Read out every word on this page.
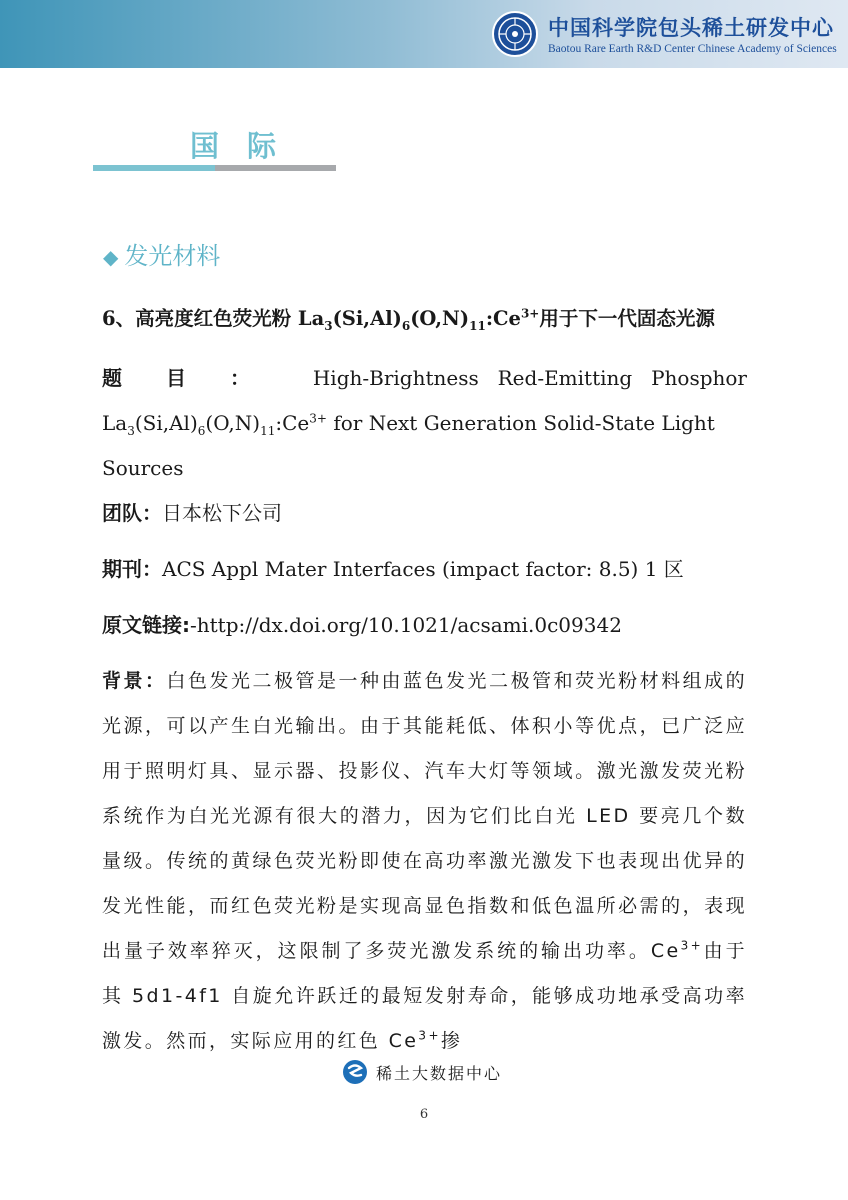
中国科学院包头稀土研发中心
Baotou Rare Earth R&D Center Chinese Academy of Sciences
国际
◆ 发光材料

6、高亮度红色荧光粉 $La_3(Si,Al)_6(O,N)_{11}:Ce^{3+}$用于下一代固态光源

题目： High-Brightness Red-Emitting Phosphor
$La_3(Si,Al)_6(O,N)_{11}:Ce^{3+}$ for Next Generation Solid-State Light Sources

团队：日本松下公司

期刊：ACS Appl Mater Interfaces (impact factor: 8.5) 1 区

原文链接:-http://dx.doi.org/10.1021/acsami.0c09342

背景：白色发光二极管是一种由蓝色发光二极管和荧光粉材料组成的光源，可以产生白光输出。由于其能耗低、体积小等优点，已广泛应用于照明灯具、显示器、投影仪、汽车大灯等领域。激光激发荧光粉系统作为白光光源有很大的潜力，因为它们比白光 LED 要亮几个数量级。传统的黄绿色荧光粉即使在高功率激光激发下也表现出优异的发光性能，而红色荧光粉是实现高显色指数和低色温所必需的，表现出量子效率猝灭，这限制了多荧光激发系统的输出功率。$Ce^{3+}$由于其 5d1-4f1 自旋允许跃迁的最短发射寿命，能够成功地承受高功率激发。然而，实际应用的红色 $Ce^{3+}$掺

稀土大数据中心
6
